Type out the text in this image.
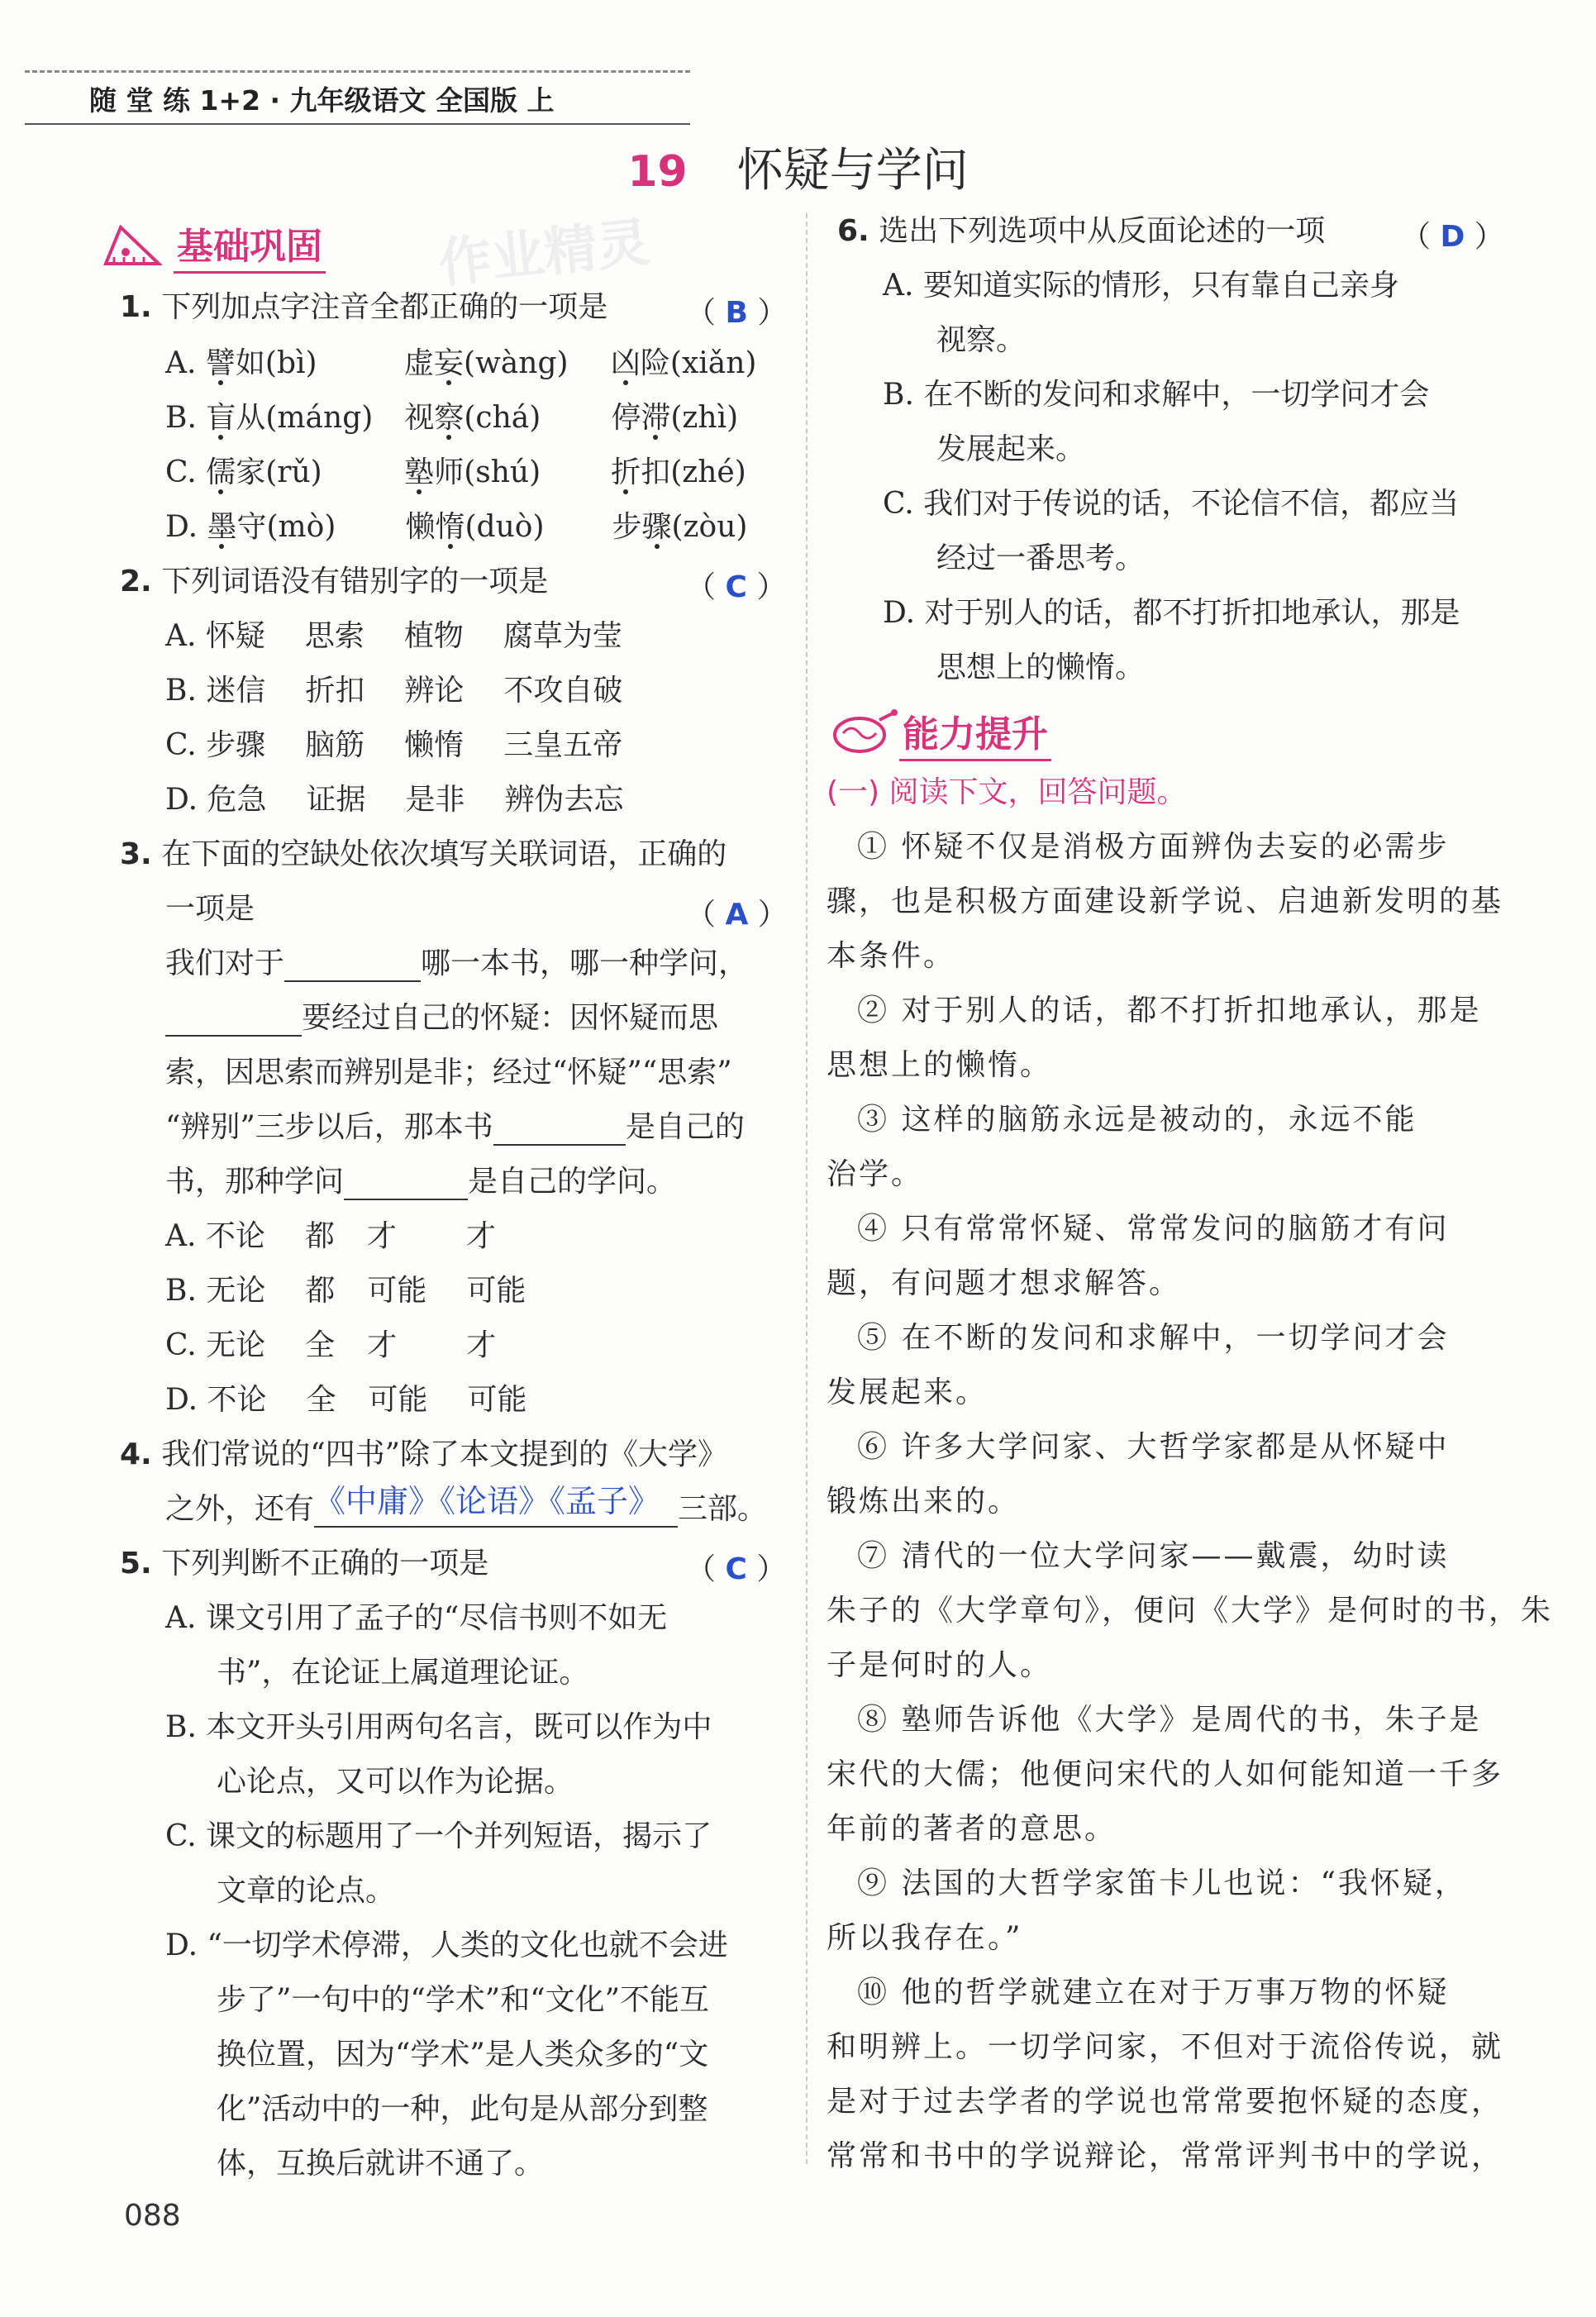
随 堂 练 1+2 · 九年级语文 全国版 上
19 怀疑与学问
作业精灵
基础巩固
1. 下列加点字注音全都正确的一项是	（ B ）
A. 譬如(bì)	虚妄(wàng) 凶险(xiǎn)
B. 盲从(máng) 视察(chá) 停滞(zhì)
C. 儒家(rǔ)	塾师(shú) 折扣(zhé)
D. 墨守(mò) 懒惰(duò) 步骤(zòu)
2. 下列词语没有错别字的一项是	（ C ）
A. 怀疑 思索 植物 腐草为莹
B. 迷信 折扣 辨论 不攻自破
C. 步骤 脑筋 懒惰 三皇五帝
D. 危急 证据 是非 辨伪去忘
3. 在下面的空缺处依次填写关联词语，正确的
一项是	（ A ）
我们对于	哪一本书，哪一种学问，
要经过自己的怀疑：因怀疑而思
索，因思索而辨别是非；经过“怀疑”“思索”
“辨别”三步以后，那本书	是自己的
书，那种学问	是自己的学问。
A. 不论 都 才 才
B. 无论 都 可能 可能
C. 无论 全 才 才
D. 不论 全 可能 可能
4. 我们常说的“四书”除了本文提到的《大学》
之外，还有 《中庸》《论语》《孟子》 三部。
5. 下列判断不正确的一项是	（ C ）
A. 课文引用了孟子的“尽信书则不如无
书”，在论证上属道理论证。
B. 本文开头引用两句名言，既可以作为中
心论点，又可以作为论据。
C. 课文的标题用了一个并列短语，揭示了
文章的论点。
D. “一切学术停滞，人类的文化也就不会进
步了”一句中的“学术”和“文化”不能互
换位置，因为“学术”是人类众多的“文
化”活动中的一种，此句是从部分到整
体，互换后就讲不通了。
6. 选出下列选项中从反面论述的一项	（ D ）
A. 要知道实际的情形，只有靠自己亲身
视察。
B. 在不断的发问和求解中，一切学问才会
发展起来。
C. 我们对于传说的话，不论信不信，都应当
经过一番思考。
D. 对于别人的话，都不打折扣地承认，那是
思想上的懒惰。
能力提升
(一) 阅读下文，回答问题。
① 怀疑不仅是消极方面辨伪去妄的必需步
骤，也是积极方面建设新学说、启迪新发明的基
本条件。
② 对于别人的话，都不打折扣地承认，那是
思想上的懒惰。
③ 这样的脑筋永远是被动的，永远不能
治学。
④ 只有常常怀疑、常常发问的脑筋才有问
题，有问题才想求解答。
⑤ 在不断的发问和求解中，一切学问才会
发展起来。
⑥ 许多大学问家、大哲学家都是从怀疑中
锻炼出来的。
⑦ 清代的一位大学问家——戴震，幼时读
朱子的《大学章句》，便问《大学》是何时的书，朱
子是何时的人。
⑧ 塾师告诉他《大学》是周代的书，朱子是
宋代的大儒；他便问宋代的人如何能知道一千多
年前的著者的意思。
⑨ 法国的大哲学家笛卡儿也说：“我怀疑，
所以我存在。”
⑩ 他的哲学就建立在对于万事万物的怀疑
和明辨上。一切学问家，不但对于流俗传说，就
是对于过去学者的学说也常常要抱怀疑的态度，
常常和书中的学说辩论，常常评判书中的学说，
088
